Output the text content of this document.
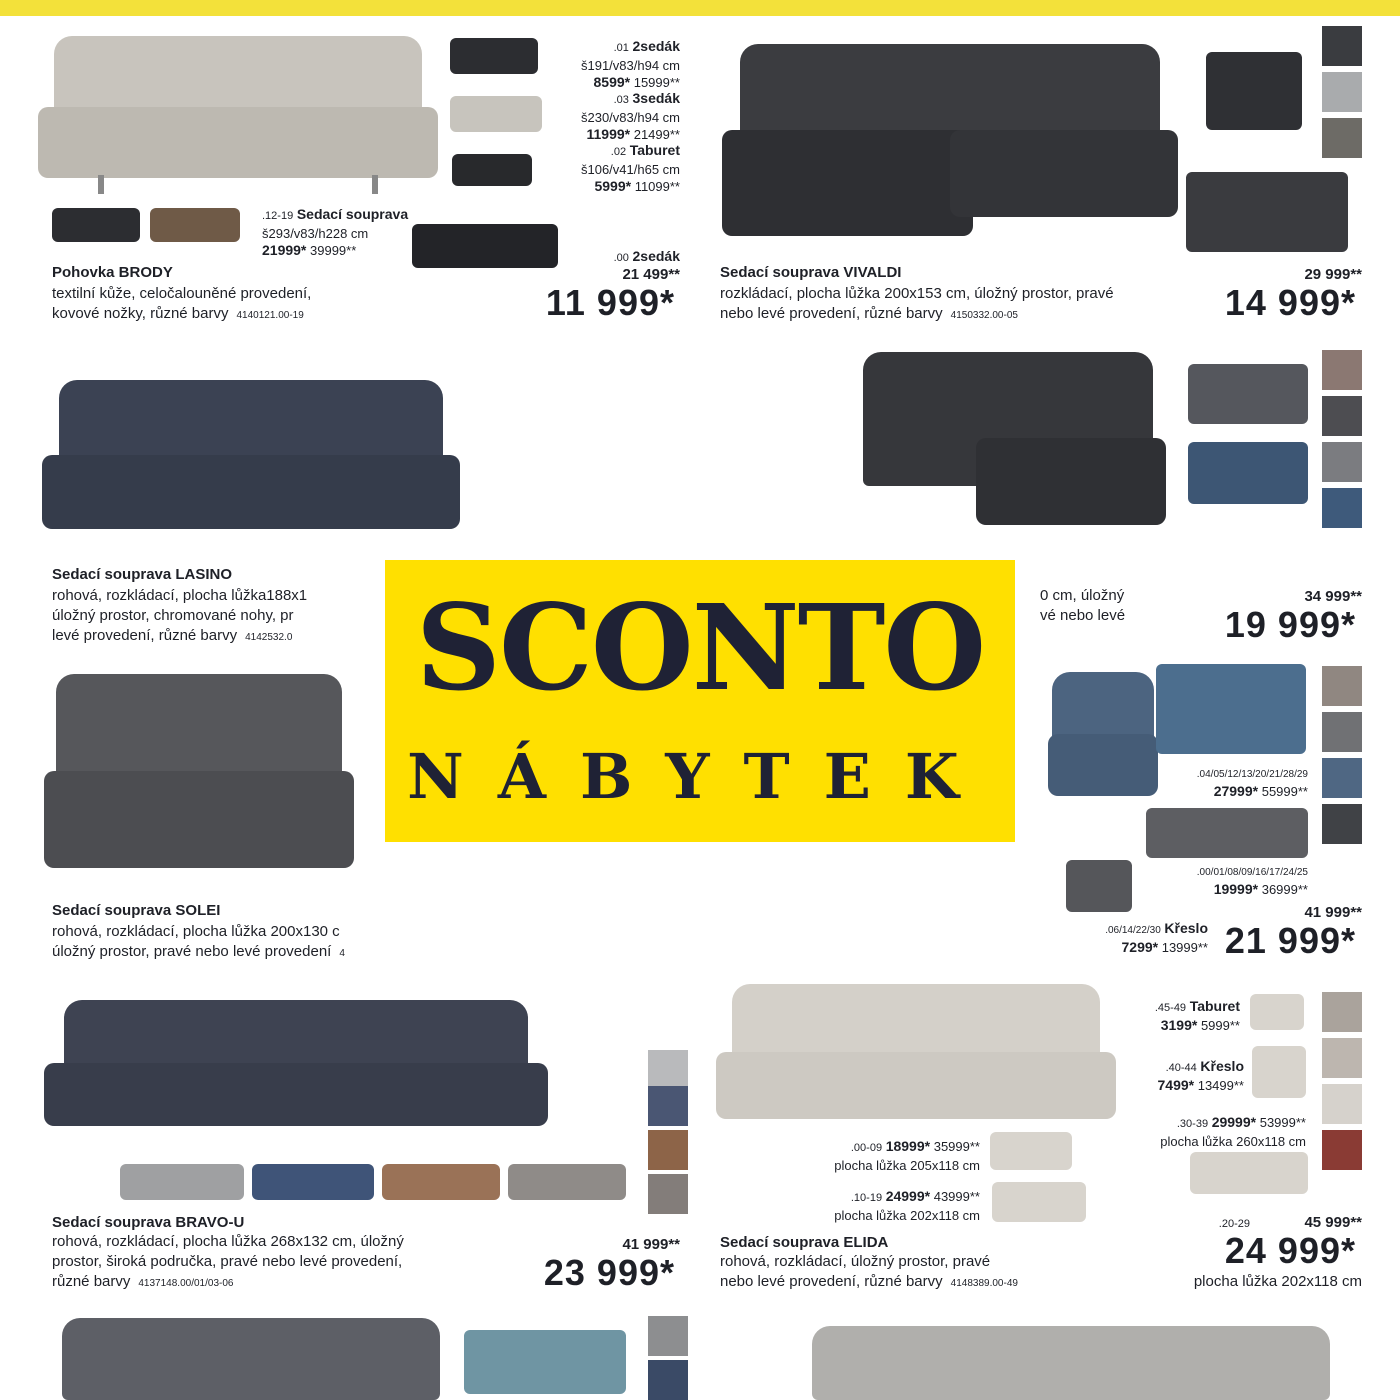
.01 2sedák
š191/v83/h94 cm
8599* 15999**
.03 3sedák
š230/v83/h94 cm
11999* 21499**
.02 Taburet
š106/v41/h65 cm
5999* 11099**
.12-19 Sedací souprava
š293/v83/h228 cm
21999* 39999**	.00 2sedák
21 499**
11 999*
Pohovka BRODY
textilní kůže, celočalouněné provedení,
kovové nožky, různé barvy 4140121.00-19
Sedací souprava VIVALDI
rozkládací, plocha lůžka 200x153 cm, úložný prostor, pravé
nebo levé provedení, různé barvy 4150332.00-05
29 999**
14 999*
Sedací souprava LASINO
rohová, rozkládací, plocha lůžka188x1
úložný prostor, chromované nohy, pr
levé provedení, různé barvy 4142532.0
0 cm, úložný
vé nebo levé
34 999**
19 999*
Sedací souprava SOLEI
rohová, rozkládací, plocha lůžka 200x130 c
úložný prostor, pravé nebo levé provedení 4
SCONTO
NÁBYTEK	.04/05/12/13/20/21/28/29
27999* 55999**
.00/01/08/09/16/17/24/25
19999* 36999**
.06/14/22/30 Křeslo
7299* 13999**
41 999**
21 999*
Sedací souprava BRAVO-U
rohová, rozkládací, plocha lůžka 268x132 cm, úložný
prostor, široká područka, pravé nebo levé provedení,
různé barvy 4137148.00/01/03-06
41 999**
23 999*
.45-49 Taburet
3199* 5999**
.40-44 Křeslo
7499* 13499**
.30-39 29999* 53999**
plocha lůžka 260x118 cm
.00-09 18999* 35999**
plocha lůžka 205x118 cm
.10-19 24999* 43999**
plocha lůžka 202x118 cm
Sedací souprava ELIDA
rohová, rozkládací, úložný prostor, pravé
nebo levé provedení, různé barvy 4148389.00-49
.20-29	45 999**
24 999*
plocha lůžka 202x118 cm
